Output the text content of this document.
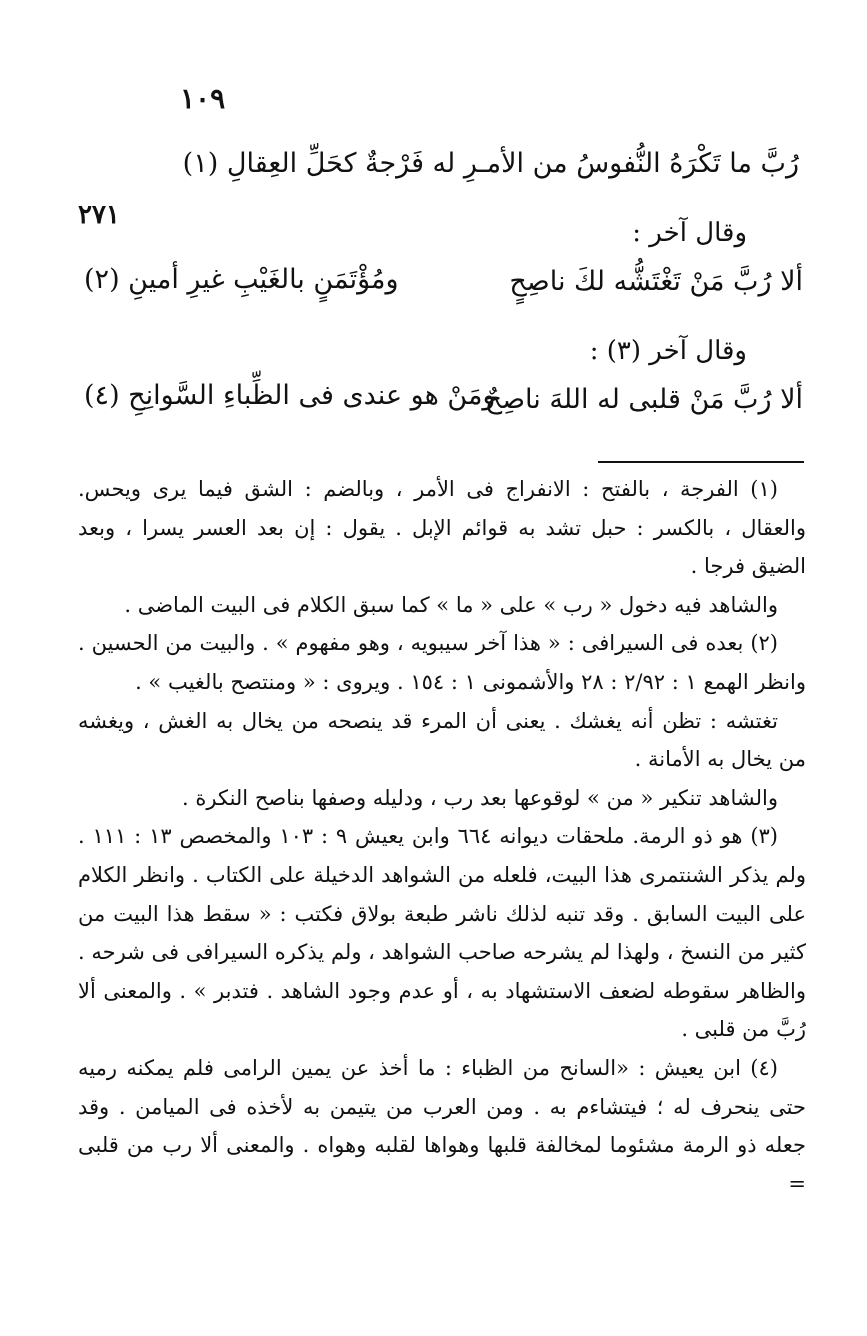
١٠٩
٢٧١
رُبَّ ما تَكْرَهُ النُّفوسُ من الأمـرِ له فَرْجةٌ كحَلِّ العِقالِ (١)
وقال آخر :
ألا رُبَّ مَنْ تَغْتَشُّه لكَ ناصِحٍ
ومُؤْتَمَنٍ بالغَيْبِ غيرِ أمينِ (٢)
وقال آخر (٣) :
ألا رُبَّ مَنْ قلبى له اللهَ ناصِحٌ
ومَنْ هو عندى فى الظِّباءِ السَّوانِحِ (٤)

(١) الفرجة ، بالفتح : الانفراج فى الأمر ، وبالضم : الشق فيما يرى ويحس. والعقال ، بالكسر : حبل تشد به قوائم الإبل . يقول : إن بعد العسر يسرا ، وبعد الضيق فرجا .

والشاهد فيه دخول « رب » على « ما » كما سبق الكلام فى البيت الماضى .

(٢) بعده فى السيرافى : « هذا آخر سيبويه ، وهو مفهوم » . والبيت من الحسين . وانظر الهمع ١ : ٢/٩٢ : ٢٨ والأشمونى ١ : ١٥٤ . ويروى : « ومنتصح بالغيب » .

تغتشه : تظن أنه يغشك . يعنى أن المرء قد ينصحه من يخال به الغش ، ويغشه من يخال به الأمانة .

والشاهد تنكير « من » لوقوعها بعد رب ، ودليله وصفها بناصح النكرة .

(٣) هو ذو الرمة. ملحقات ديوانه ٦٦٤ وابن يعيش ٩ : ١٠٣ والمخصص ١٣ : ١١١ . ولم يذكر الشنتمرى هذا البيت، فلعله من الشواهد الدخيلة على الكتاب . وانظر الكلام على البيت السابق . وقد تنبه لذلك ناشر طبعة بولاق فكتب : « سقط هذا البيت من كثير من النسخ ، ولهذا لم يشرحه صاحب الشواهد ، ولم يذكره السيرافى فى شرحه . والظاهر سقوطه لضعف الاستشهاد به ، أو عدم وجود الشاهد . فتدبر » . والمعنى ألا رُبَّ من قلبى .

(٤) ابن يعيش : «السانح من الظباء : ما أخذ عن يمين الرامى فلم يمكنه رميه حتى ينحرف له ؛ فيتشاءم به . ومن العرب من يتيمن به لأخذه فى الميامن . وقد جعله ذو الرمة مشئوما لمخالفة قلبها وهواها لقلبه وهواه . والمعنى ألا رب من قلبى =
